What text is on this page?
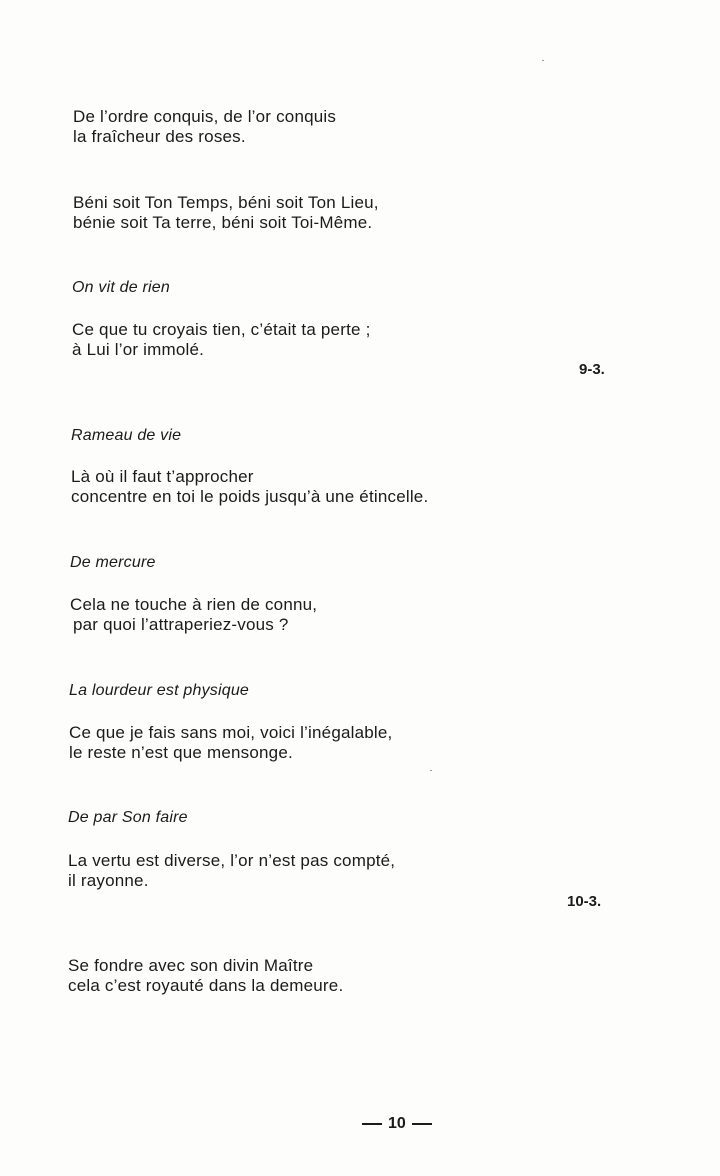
De l’ordre conquis, de l’or conquis
la fraîcheur des roses.
Béni soit Ton Temps, béni soit Ton Lieu,
bénie soit Ta terre, béni soit Toi-Même.
On vit de rien
Ce que tu croyais tien, c’était ta perte ;
à Lui l’or immolé.
9-3.
Rameau de vie
Là où il faut t’approcher
concentre en toi le poids jusqu’à une étincelle.
De mercure
Cela ne touche à rien de connu,
par quoi l’attraperiez-vous ?
La lourdeur est physique
Ce que je fais sans moi, voici l’inégalable,
le reste n’est que mensonge.
De par Son faire
La vertu est diverse, l’or n’est pas compté,
il rayonne.
10-3.
Se fondre avec son divin Maître
cela c’est royauté dans la demeure.
10
